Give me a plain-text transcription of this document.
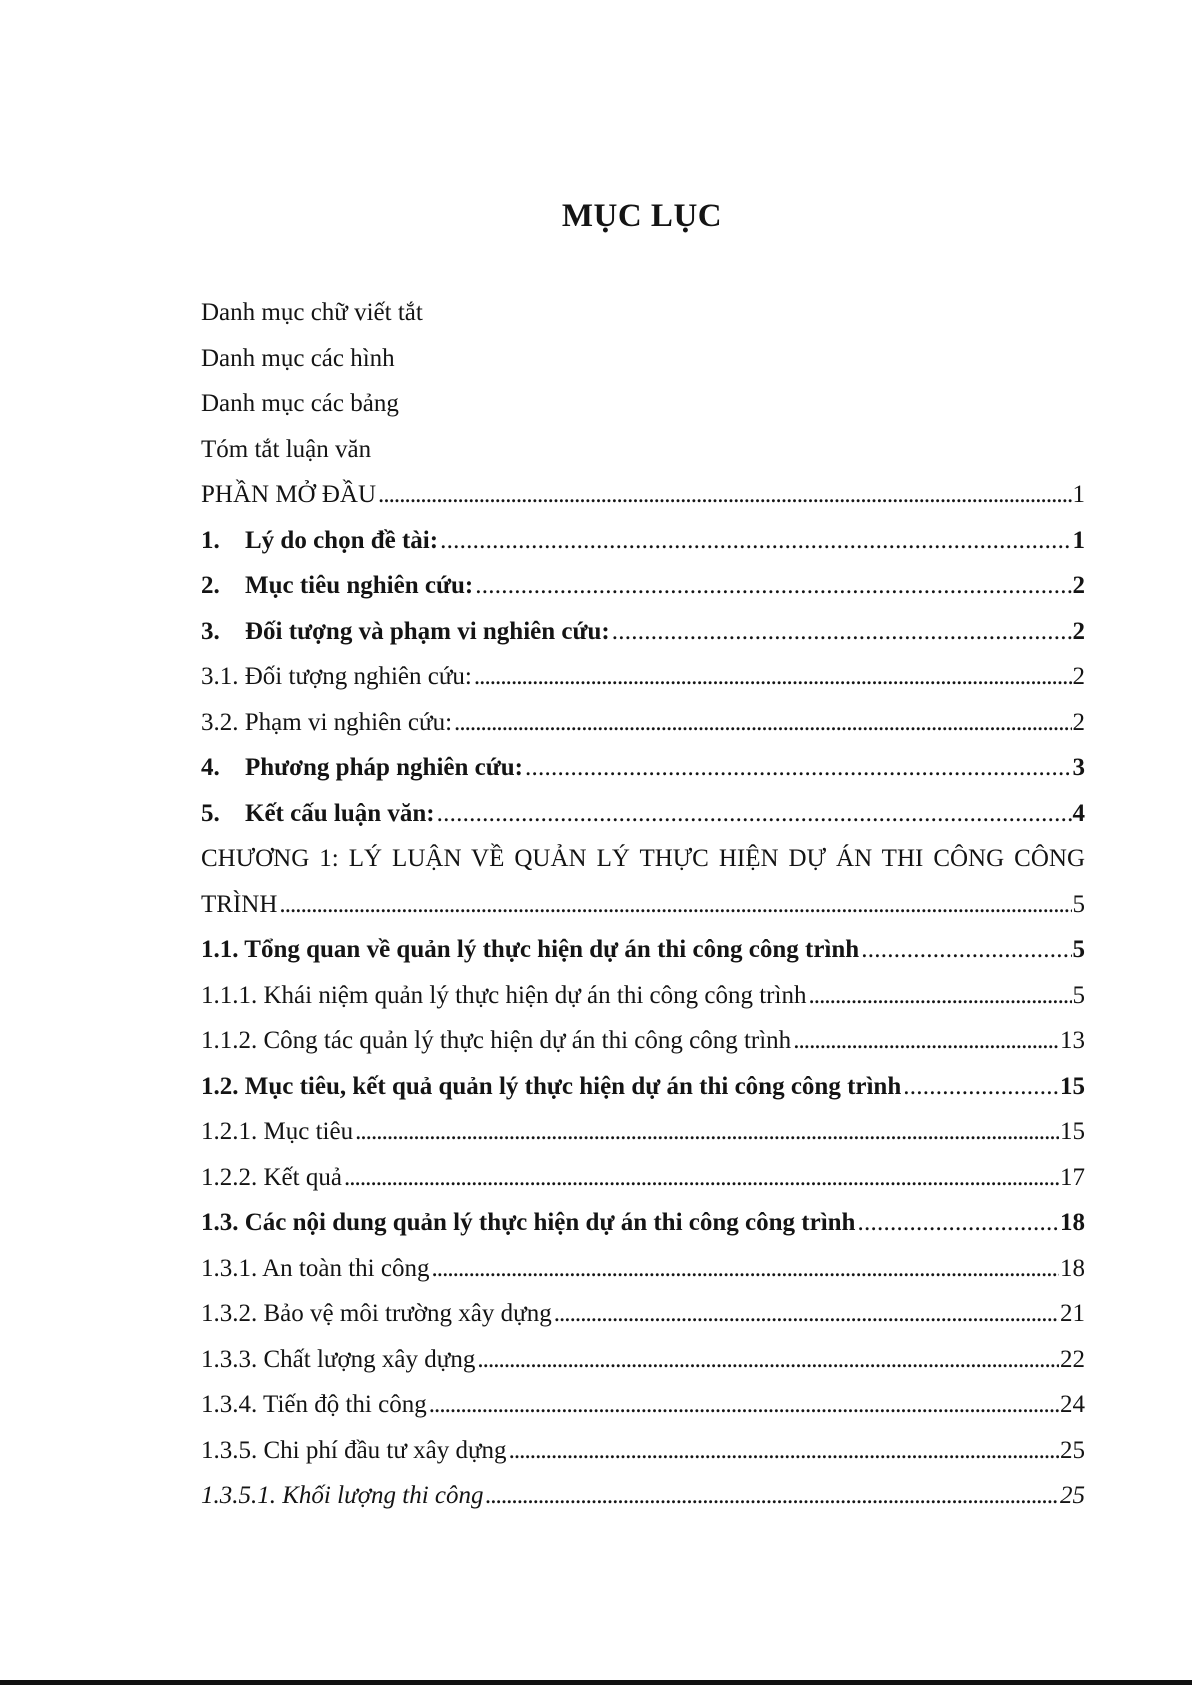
MỤC LỤC
Danh mục chữ viết tắt
Danh mục các hình
Danh mục các bảng
Tóm tắt luận văn
PHẦN MỞ ĐẦU . . .	1
1. Lý do chọn đề tài: . . .	1
2. Mục tiêu nghiên cứu: . . .	2
3. Đối tượng và phạm vi nghiên cứu: . . .	2
3.1. Đối tượng nghiên cứu: . . .	2
3.2. Phạm vi nghiên cứu: . . .	2
4. Phương pháp nghiên cứu: . . .	3
5. Kết cấu luận văn: . . .	4
CHƯƠNG 1: LÝ LUẬN VỀ QUẢN LÝ THỰC HIỆN DỰ ÁN THI CÔNG CÔNG
TRÌNH . . .	5
1.1. Tổng quan về quản lý thực hiện dự án thi công công trình . . .	5
1.1.1. Khái niệm quản lý thực hiện dự án thi công công trình . . .	5
1.1.2. Công tác quản lý thực hiện dự án thi công công trình . . .	13
1.2. Mục tiêu, kết quả quản lý thực hiện dự án thi công công trình . . .	15
1.2.1. Mục tiêu . . .	15
1.2.2. Kết quả . . .	17
1.3. Các nội dung quản lý thực hiện dự án thi công công trình . . .	18
1.3.1. An toàn thi công . . .	18
1.3.2. Bảo vệ môi trường xây dựng . . .	21
1.3.3. Chất lượng xây dựng . . .	22
1.3.4. Tiến độ thi công . . .	24
1.3.5. Chi phí đầu tư xây dựng . . .	25
1.3.5.1. Khối lượng thi công . . .	25
